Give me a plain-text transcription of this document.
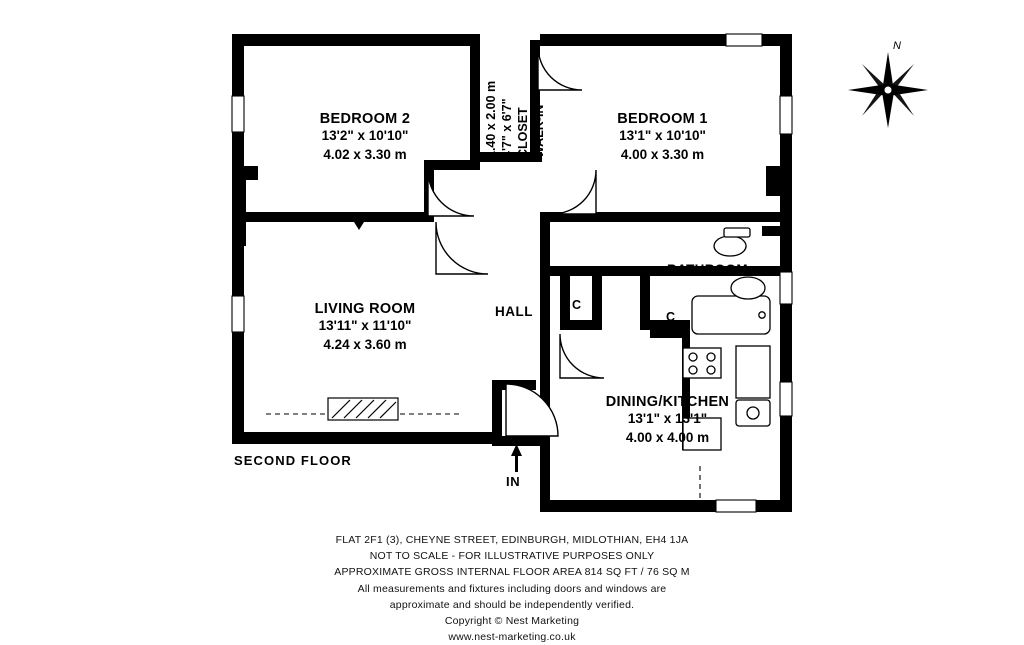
BEDROOM 2
13'2" x 10'10"
4.02 x 3.30 m
BEDROOM 1
13'1" x 10'10"
4.00 x 3.30 m
LIVING ROOM
13'11" x 11'10"
4.24 x 3.60 m
DINING/KITCHEN
13'1" x 13'1"
4.00 x 4.00 m
BATHROOM
HALL	C
C
WALK-IN
CLOSET
4'7" x 6'7"
1.40 x 2.00 m
SECOND FLOOR
IN
N
FLAT 2F1 (3), CHEYNE STREET, EDINBURGH, MIDLOTHIAN, EH4 1JA
NOT TO SCALE - FOR ILLUSTRATIVE PURPOSES ONLY
APPROXIMATE GROSS INTERNAL FLOOR AREA 814 SQ FT / 76 SQ M
All measurements and fixtures including doors and windows are
approximate and should be independently verified.
Copyright © Nest Marketing
www.nest-marketing.co.uk
